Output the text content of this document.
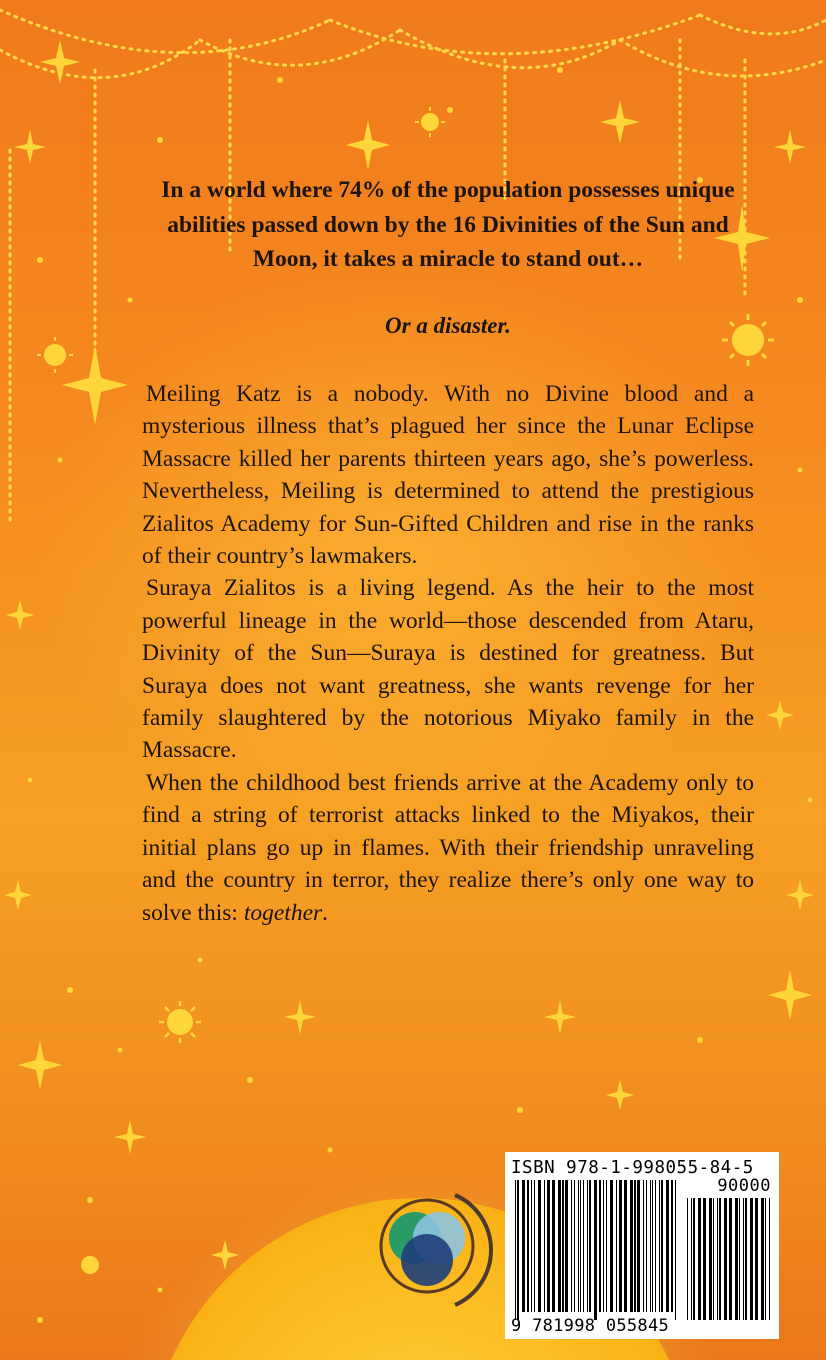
In a world where 74% of the population possesses unique abilities passed down by the 16 Divinities of the Sun and Moon, it takes a miracle to stand out…
Or a disaster.

Meiling Katz is a nobody. With no Divine blood and a mysterious illness that’s plagued her since the Lunar Eclipse Massacre killed her parents thirteen years ago, she’s powerless. Nevertheless, Meiling is determined to attend the prestigious Zialitos Academy for Sun-Gifted Children and rise in the ranks of their country’s lawmakers.

Suraya Zialitos is a living legend. As the heir to the most powerful lineage in the world—those descended from Ataru, Divinity of the Sun—Suraya is destined for greatness. But Suraya does not want greatness, she wants revenge for her family slaughtered by the notorious Miyako family in the Massacre.

When the childhood best friends arrive at the Academy only to find a string of terrorist attacks linked to the Miyakos, their initial plans go up in flames. With their friendship unraveling and the country in terror, they realize there’s only one way to solve this: together.

ISBN 978-1-998055-84-5
90000
9 781998 055845
